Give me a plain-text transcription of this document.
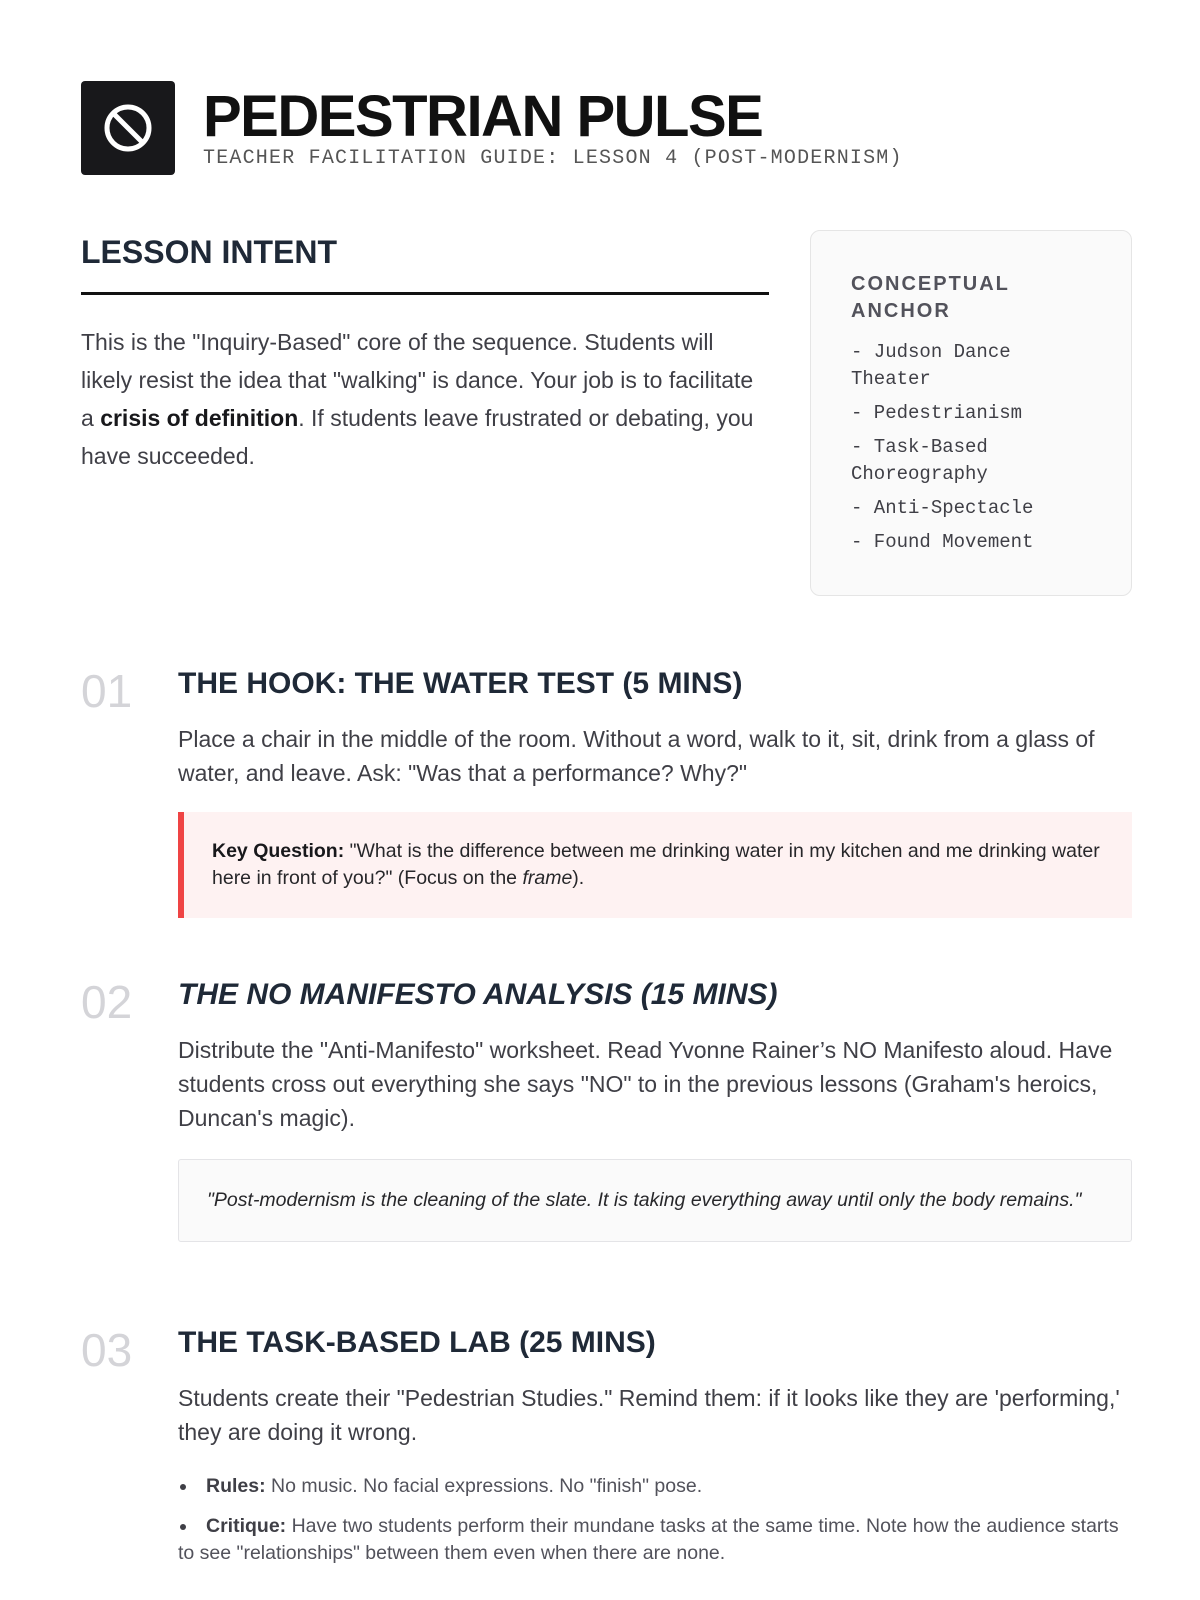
PEDESTRIAN PULSE
TEACHER FACILITATION GUIDE: LESSON 4 (POST-MODERNISM)
LESSON INTENT

This is the "Inquiry-Based" core of the sequence. Students will likely resist the idea that "walking" is dance. Your job is to facilitate a crisis of definition. If students leave frustrated or debating, you have succeeded.

CONCEPTUAL ANCHOR
- Judson Dance Theater
- Pedestrianism
- Task-Based Choreography
- Anti-Spectacle
- Found Movement
01 THE HOOK: THE WATER TEST (5 MINS)

Place a chair in the middle of the room. Without a word, walk to it, sit, drink from a glass of water, and leave. Ask: "Was that a performance? Why?"

Key Question: "What is the difference between me drinking water in my kitchen and me drinking water here in front of you?" (Focus on the frame).
02 THE NO MANIFESTO ANALYSIS (15 MINS)

Distribute the "Anti-Manifesto" worksheet. Read Yvonne Rainer’s NO Manifesto aloud. Have students cross out everything she says "NO" to in the previous lessons (Graham's heroics, Duncan's magic).

"Post-modernism is the cleaning of the slate. It is taking everything away until only the body remains."
03 THE TASK-BASED LAB (25 MINS)

Students create their "Pedestrian Studies." Remind them: if it looks like they are 'performing,' they are doing it wrong.

Rules: No music. No facial expressions. No "finish" pose.
Critique: Have two students perform their mundane tasks at the same time. Note how the audience starts to see "relationships" between them even when there are none.
